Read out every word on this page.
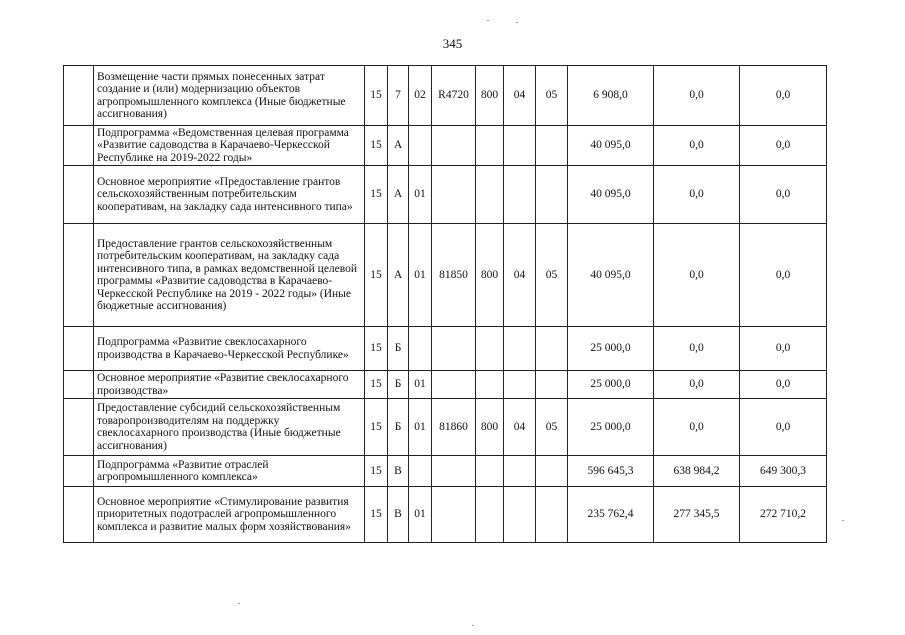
345
	Возмещение части прямых понесенных затрат создание и (или) модернизацию объектов агропромышленного комплекса (Иные бюджетные ассигнования)	15	7	02	R4720	800	04	05	6 908,0	0,0	0,0
	Подпрограмма «Ведомственная целевая программа «Развитие садоводства в Карачаево-Черкесской Республике на 2019-2022 годы»	15	А						40 095,0	0,0	0,0
	Основное мероприятие «Предоставление грантов сельскохозяйственным потребительским кооперативам, на закладку сада интенсивного типа»	15	А	01					40 095,0	0,0	0,0
	Предоставление грантов сельскохозяйственным потребительским кооперативам, на закладку сада интенсивного типа, в рамках ведомственной целевой программы «Развитие садоводства в Карачаево-Черкесской Республике на 2019 - 2022 годы» (Иные бюджетные ассигнования)	15	А	01	81850	800	04	05	40 095,0	0,0	0,0
	Подпрограмма «Развитие свеклосахарного производства в Карачаево-Черкесской Республике»	15	Б						25 000,0	0,0	0,0
	Основное мероприятие «Развитие свеклосахарного производства»	15	Б	01					25 000,0	0,0	0,0
	Предоставление субсидий сельскохозяйственным товаропроизводителям на поддержку свеклосахарного производства (Иные бюджетные ассигнования)	15	Б	01	81860	800	04	05	25 000,0	0,0	0,0
	Подпрограмма «Развитие отраслей агропромышленного комплекса»	15	В						596 645,3	638 984,2	649 300,3
	Основное мероприятие «Стимулирование развития приоритетных подотраслей агропромышленного комплекса и развитие малых форм хозяйствования»	15	В	01					235 762,4	277 345,5	272 710,2
